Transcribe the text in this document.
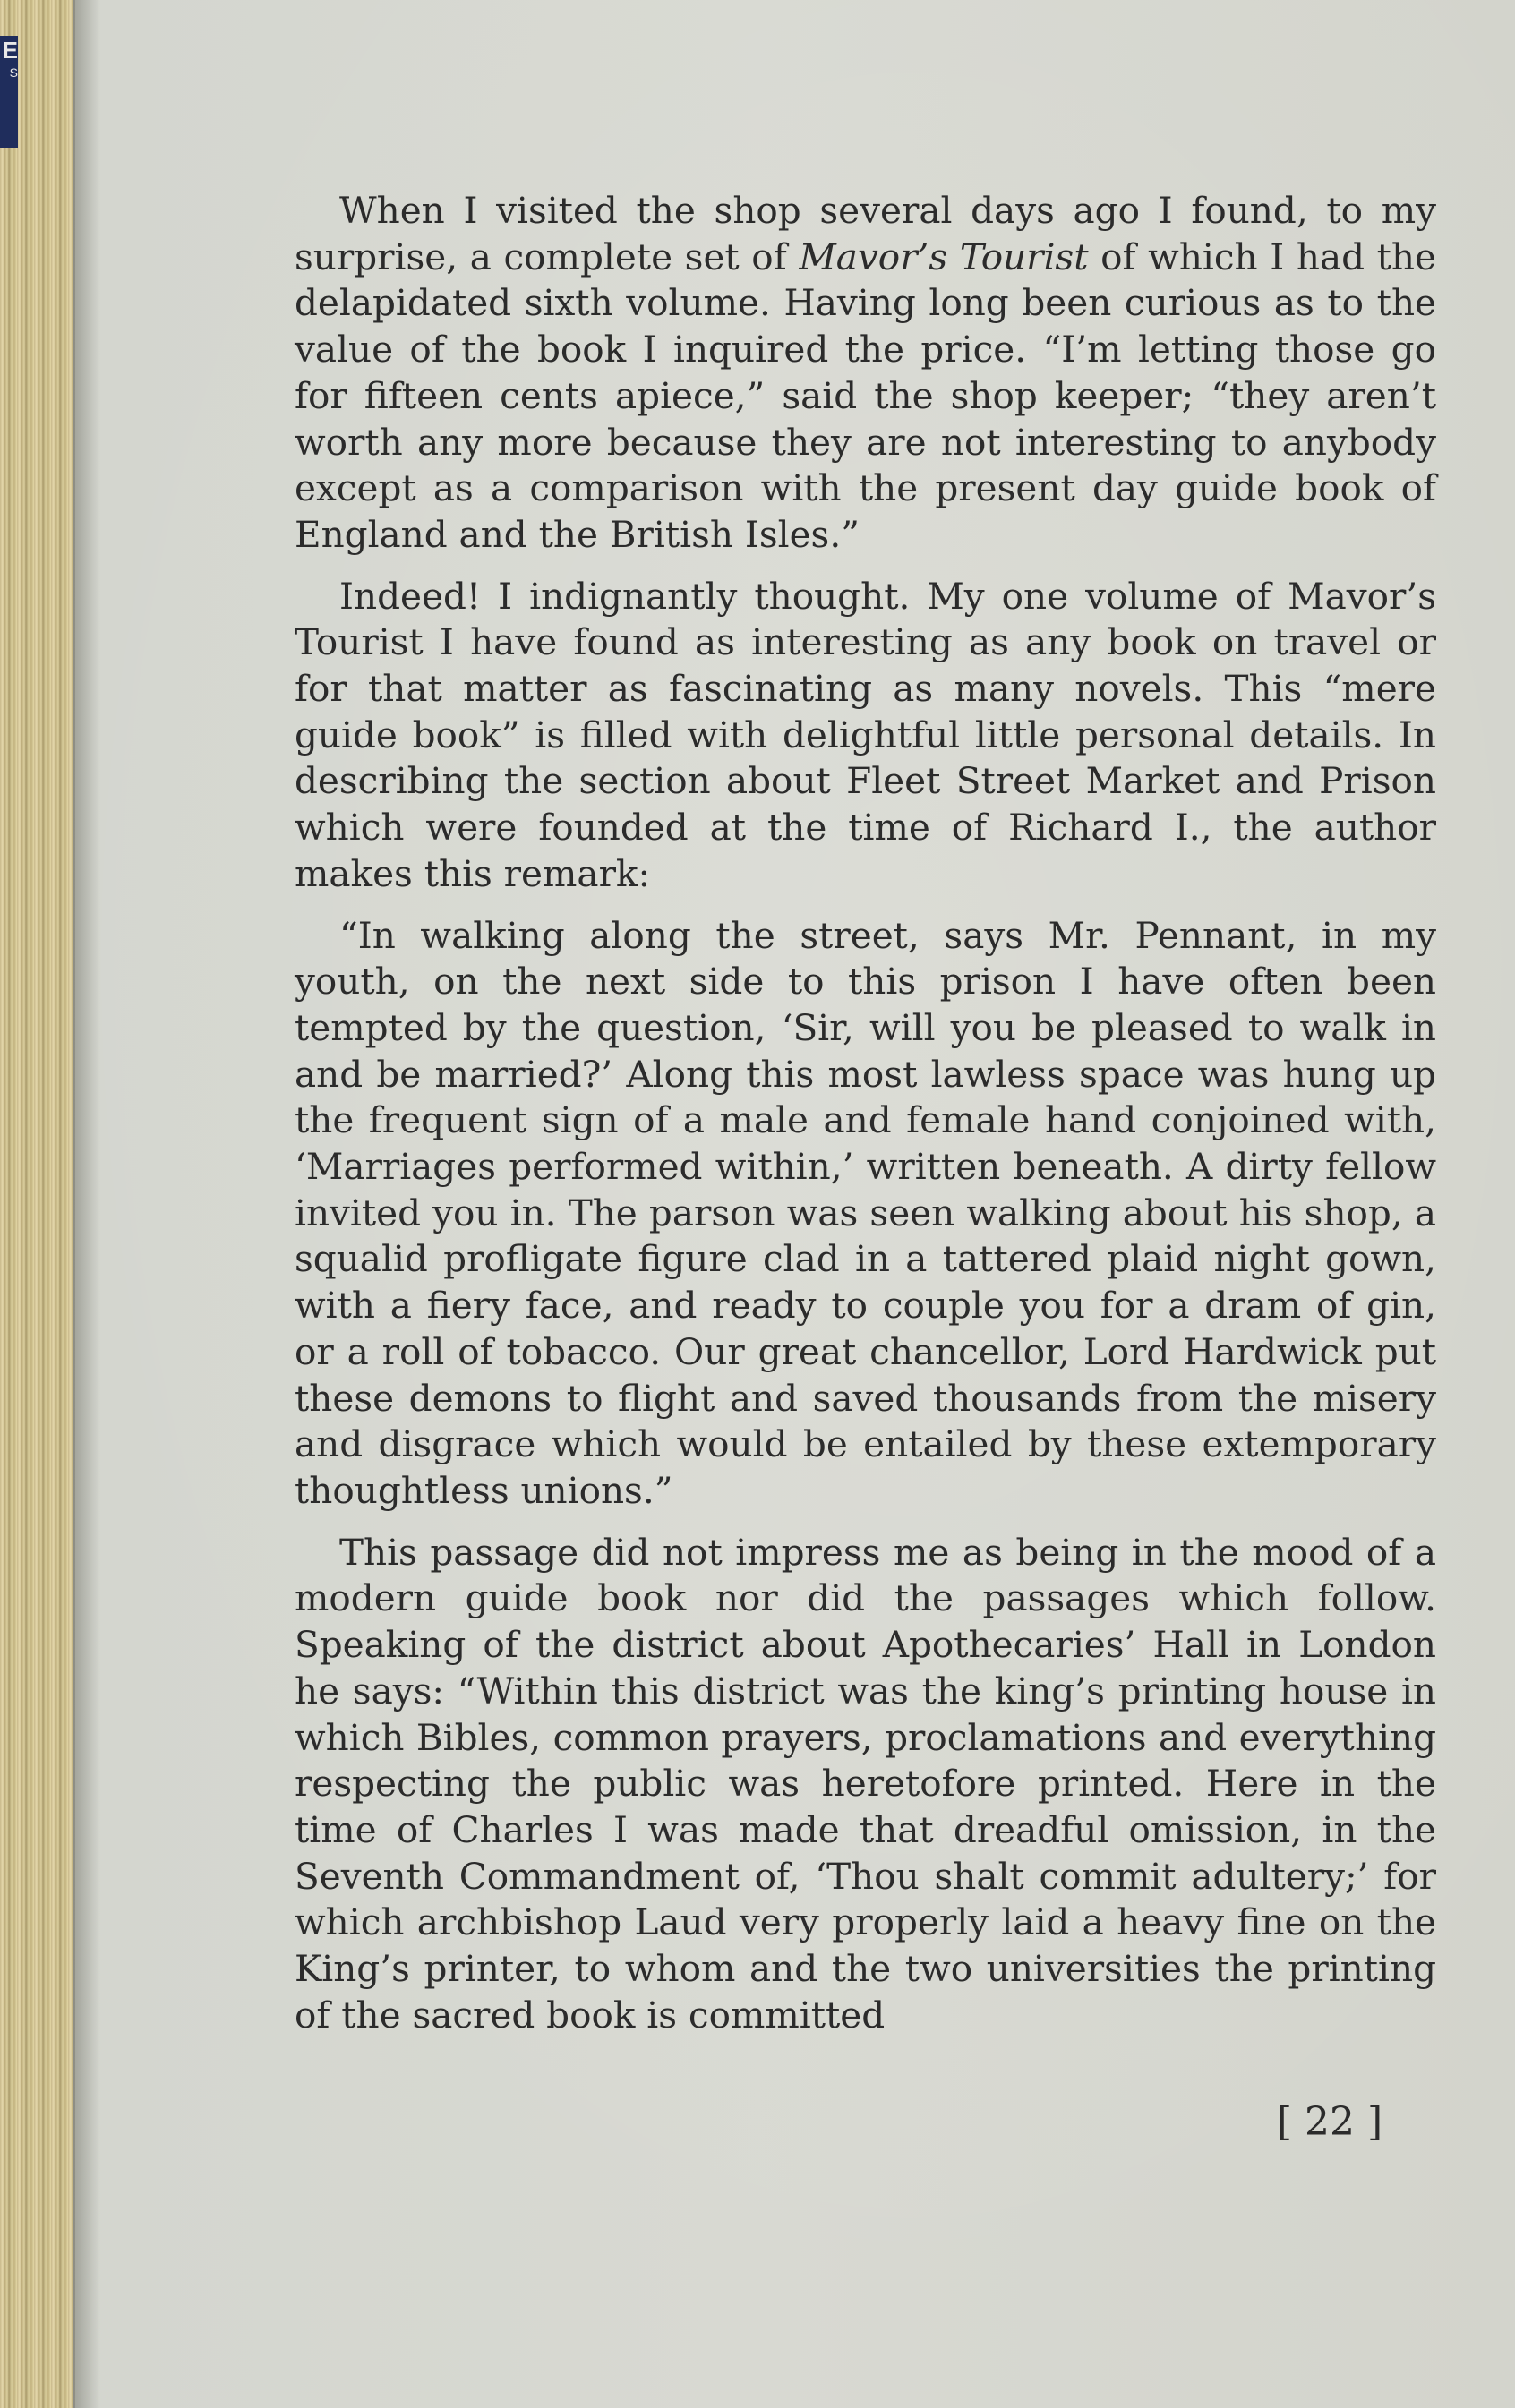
E
S

When I visited the shop several days ago I found, to my surprise, a complete set of Mavor’s Tourist of which I had the delapidated sixth volume. Having long been curious as to the value of the book I inquired the price. “I’m letting those go for fifteen cents apiece,” said the shop keeper; “they aren’t worth any more because they are not interesting to anybody except as a comparison with the present day guide book of England and the British Isles.”

Indeed! I indignantly thought. My one volume of Mavor’s Tourist I have found as interesting as any book on travel or for that matter as fascinating as many novels. This “mere guide book” is filled with delightful little personal details. In describing the section about Fleet Street Market and Prison which were founded at the time of Richard I., the author makes this remark:

“In walking along the street, says Mr. Pennant, in my youth, on the next side to this prison I have often been tempted by the question, ‘Sir, will you be pleased to walk in and be married?’ Along this most lawless space was hung up the frequent sign of a male and female hand conjoined with, ‘Marriages performed within,’ written beneath. A dirty fellow invited you in. The parson was seen walking about his shop, a squalid profligate figure clad in a tattered plaid night gown, with a fiery face, and ready to couple you for a dram of gin, or a roll of tobacco. Our great chancellor, Lord Hardwick put these demons to flight and saved thousands from the misery and disgrace which would be entailed by these extemporary thoughtless unions.”

This passage did not impress me as being in the mood of a modern guide book nor did the passages which follow. Speaking of the district about Apothecaries’ Hall in London he says: “Within this district was the king’s printing house in which Bibles, common prayers, proclamations and everything respecting the public was heretofore printed. Here in the time of Charles I was made that dreadful omission, in the Seventh Commandment of, ‘Thou shalt commit adultery;’ for which archbishop Laud very properly laid a heavy fine on the King’s printer, to whom and the two universities the printing of the sacred book is committed

[ 22 ]
